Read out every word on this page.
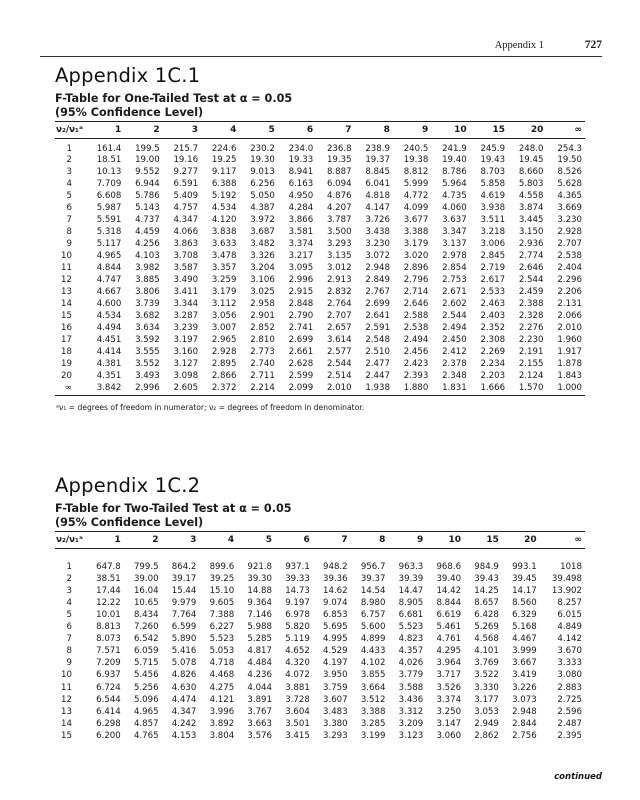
Appendix 1	727
Appendix 1C.1
F-Table for One-Tailed Test at α = 0.05
(95% Confidence Level)
ν₂/ν₁ᵃ	1	2	3	4	5	6	7	8	9	10	15	20	∞

1	161.4	199.5	215.7	224.6	230.2	234.0	236.8	238.9	240.5	241.9	245.9	248.0	254.3
2	18.51	19.00	19.16	19.25	19.30	19.33	19.35	19.37	19.38	19.40	19.43	19.45	19.50
3	10.13	9.552	9.277	9.117	9.013	8.941	8.887	8.845	8.812	8.786	8.703	8.660	8.526
4	7.709	6.944	6.591	6.388	6.256	6.163	6.094	6.041	5.999	5.964	5.858	5.803	5.628
5	6.608	5.786	5.409	5.192	5.050	4.950	4.876	4.818	4.772	4.735	4.619	4.558	4.365
6	5.987	5.143	4.757	4.534	4.387	4.284	4.207	4.147	4.099	4.060	3.938	3.874	3.669
7	5.591	4.737	4.347	4.120	3.972	3.866	3.787	3.726	3.677	3.637	3.511	3.445	3.230
8	5.318	4.459	4.066	3.838	3.687	3.581	3.500	3.438	3.388	3.347	3.218	3.150	2.928
9	5.117	4.256	3.863	3.633	3.482	3.374	3.293	3.230	3.179	3.137	3.006	2.936	2.707
10	4.965	4.103	3.708	3.478	3.326	3.217	3.135	3.072	3.020	2.978	2.845	2.774	2.538
11	4.844	3.982	3.587	3.357	3.204	3.095	3.012	2.948	2.896	2.854	2.719	2.646	2.404
12	4.747	3.885	3.490	3.259	3.106	2.996	2.913	2.849	2.796	2.753	2.617	2.544	2.296
13	4.667	3.806	3.411	3.179	3.025	2.915	2.832	2.767	2.714	2.671	2.533	2.459	2.206
14	4.600	3.739	3.344	3.112	2.958	2.848	2.764	2.699	2.646	2.602	2.463	2.388	2.131
15	4.534	3.682	3.287	3.056	2.901	2.790	2.707	2.641	2.588	2.544	2.403	2.328	2.066
16	4.494	3.634	3.239	3.007	2.852	2.741	2.657	2.591	2.538	2.494	2.352	2.276	2.010
17	4.451	3.592	3.197	2.965	2.810	2.699	3.614	2.548	2.494	2.450	2.308	2.230	1.960
18	4.414	3.555	3.160	2.928	2.773	2.661	2.577	2.510	2.456	2.412	2.269	2.191	1.917
19	4.381	3.552	3.127	2.895	2.740	2.628	2.544	2.477	2.423	2.378	2.234	2.155	1.878
20	4.351	3.493	3.098	2.866	2.711	2.599	2.514	2.447	2.393	2.348	2.203	2.124	1.843
∞	3.842	2.996	2.605	2.372	2.214	2.099	2.010	1.938	1.880	1.831	1.666	1.570	1.000
ᵃν₁ = degrees of freedom in numerator; ν₂ = degrees of freedom in denominator.
Appendix 1C.2
F-Table for Two-Tailed Test at α = 0.05
(95% Confidence Level)
ν₂/ν₁ᵃ	1	2	3	4	5	6	7	8	9	10	15	20	∞

1	647.8	799.5	864.2	899.6	921.8	937.1	948.2	956.7	963.3	968.6	984.9	993.1	1018
2	38.51	39.00	39.17	39.25	39.30	39.33	39.36	39.37	39.39	39.40	39.43	39.45	39.498
3	17.44	16.04	15.44	15.10	14.88	14.73	14.62	14.54	14.47	14.42	14.25	14.17	13.902
4	12.22	10.65	9.979	9.605	9.364	9.197	9.074	8.980	8.905	8.844	8.657	8.560	8.257
5	10.01	8.434	7.764	7.388	7.146	6.978	6.853	6.757	6.681	6.619	6.428	6.329	6.015
6	8.813	7.260	6.599	6.227	5.988	5.820	5.695	5.600	5.523	5.461	5.269	5.168	4.849
7	8.073	6.542	5.890	5.523	5.285	5.119	4.995	4.899	4.823	4.761	4.568	4.467	4.142
8	7.571	6.059	5.416	5.053	4.817	4.652	4.529	4.433	4.357	4.295	4.101	3.999	3.670
9	7.209	5.715	5.078	4.718	4.484	4.320	4.197	4.102	4.026	3.964	3.769	3.667	3.333
10	6.937	5.456	4.826	4.468	4.236	4.072	3.950	3.855	3.779	3.717	3.522	3.419	3.080
11	6.724	5.256	4.630	4.275	4.044	3.881	3.759	3.664	3.588	3.526	3.330	3.226	2.883
12	6.544	5.096	4.474	4.121	3.891	3.728	3.607	3.512	3.436	3.374	3.177	3.073	2.725
13	6.414	4.965	4.347	3.996	3.767	3.604	3.483	3.388	3.312	3.250	3.053	2.948	2.596
14	6.298	4.857	4.242	3.892	3.663	3.501	3.380	3.285	3.209	3.147	2.949	2.844	2.487
15	6.200	4.765	4.153	3.804	3.576	3.415	3.293	3.199	3.123	3.060	2.862	2.756	2.395
continued
